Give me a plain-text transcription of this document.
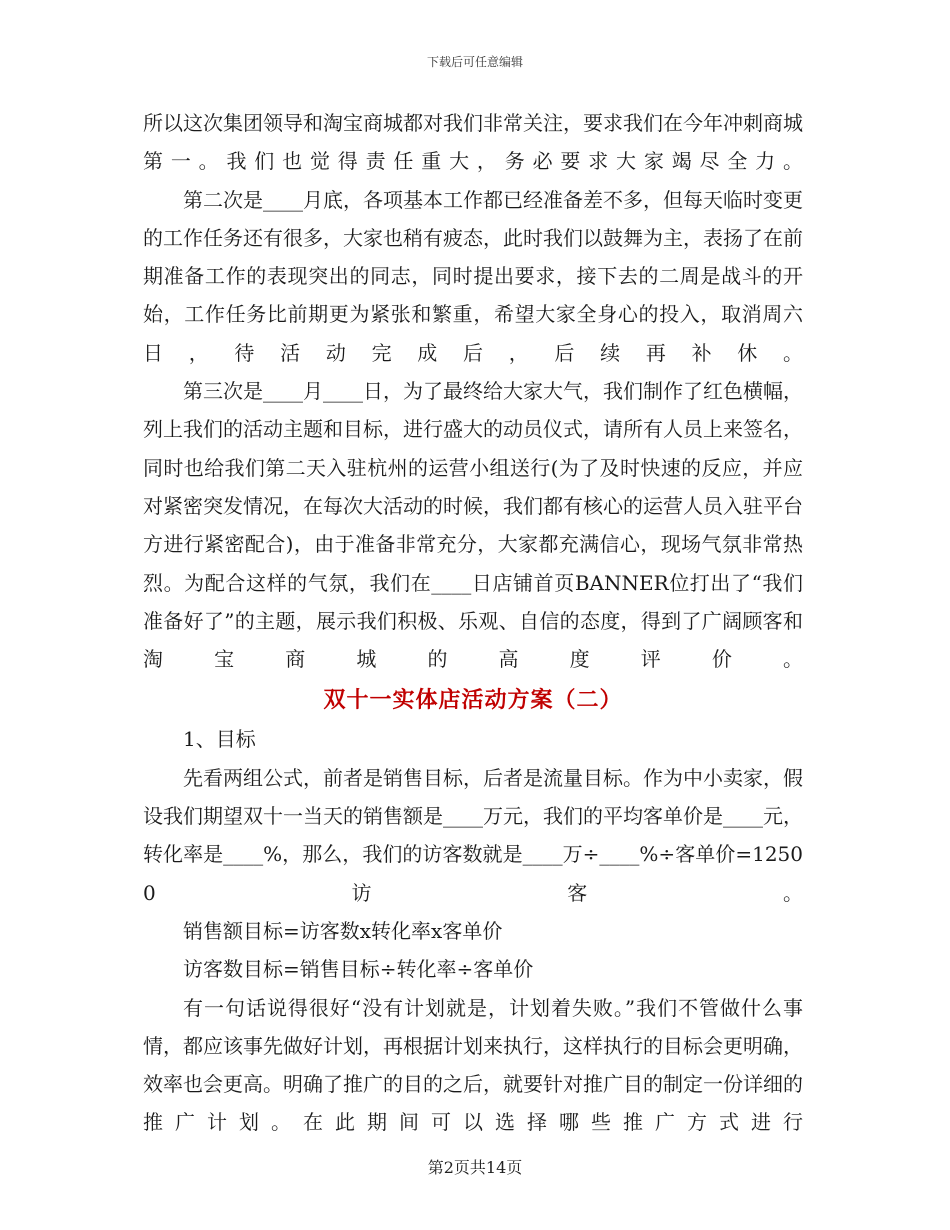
下载后可任意编辑

所以这次集团领导和淘宝商城都对我们非常关注，要求我们在今年冲刺商城第一。我们也觉得责任重大，务必要求大家竭尽全力。

第二次是____月底，各项基本工作都已经准备差不多，但每天临时变更的工作任务还有很多，大家也稍有疲态，此时我们以鼓舞为主，表扬了在前期准备工作的表现突出的同志，同时提出要求，接下去的二周是战斗的开始，工作任务比前期更为紧张和繁重，希望大家全身心的投入，取消周六日，待活动完成后，后续再补休。

第三次是____月____日，为了最终给大家大气，我们制作了红色横幅，列上我们的活动主题和目标，进行盛大的动员仪式，请所有人员上来签名，同时也给我们第二天入驻杭州的运营小组送行(为了及时快速的反应，并应对紧密突发情况，在每次大活动的时候，我们都有核心的运营人员入驻平台方进行紧密配合)，由于准备非常充分，大家都充满信心，现场气氛非常热烈。为配合这样的气氛，我们在____日店铺首页BANNER位打出了“我们准备好了”的主题，展示我们积极、乐观、自信的态度，得到了广阔顾客和淘宝商城的高度评价。

双十一实体店活动方案（二）

1、目标

先看两组公式，前者是销售目标，后者是流量目标。作为中小卖家，假设我们期望双十一当天的销售额是____万元，我们的平均客单价是____元，转化率是____%，那么，我们的访客数就是____万÷____%÷客单价=12500访客。

销售额目标=访客数x转化率x客单价

访客数目标=销售目标÷转化率÷客单价

有一句话说得很好“没有计划就是，计划着失败。”我们不管做什么事情，都应该事先做好计划，再根据计划来执行，这样执行的目标会更明确，效率也会更高。明确了推广的目的之后，就要针对推广目的制定一份详细的推广计划。在此期间可以选择哪些推广方式进行

第2页共14页
